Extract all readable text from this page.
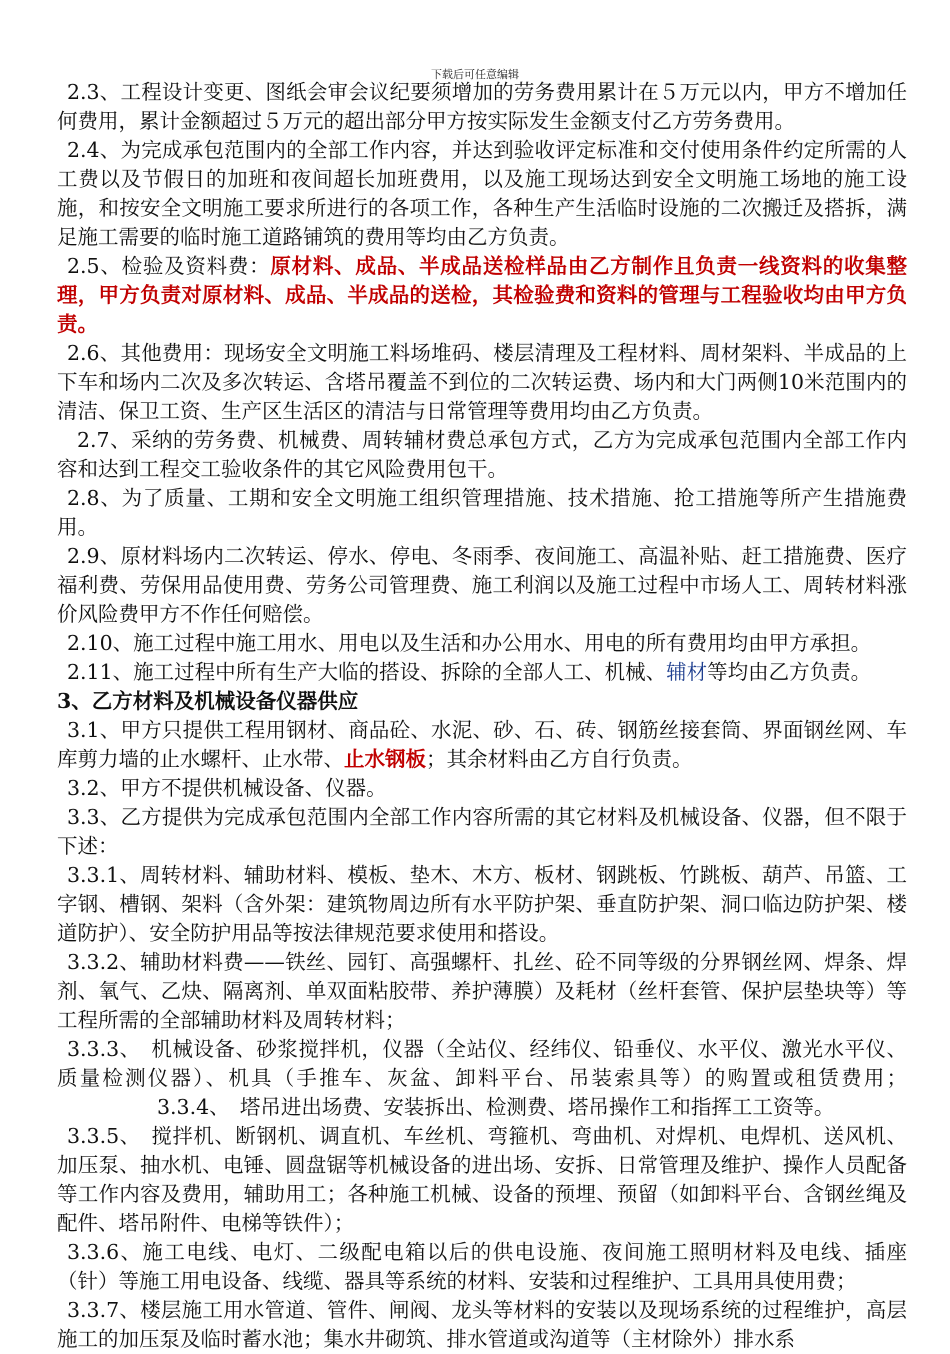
下载后可任意编辑

2.3、工程设计变更、图纸会审会议纪要须增加的劳务费用累计在５万元以内，甲方不增加任何费用，累计金额超过５万元的超出部分甲方按实际发生金额支付乙方劳务费用。

2.4、为完成承包范围内的全部工作内容，并达到验收评定标准和交付使用条件约定所需的人工费以及节假日的加班和夜间超长加班费用，以及施工现场达到安全文明施工场地的施工设施，和按安全文明施工要求所进行的各项工作，各种生产生活临时设施的二次搬迁及搭拆，满足施工需要的临时施工道路铺筑的费用等均由乙方负责。

2.5、检验及资料费：原材料、成品、半成品送检样品由乙方制作且负责一线资料的收集整理，甲方负责对原材料、成品、半成品的送检，其检验费和资料的管理与工程验收均由甲方负责。

2.6、其他费用：现场安全文明施工料场堆码、楼层清理及工程材料、周材架料、半成品的上下车和场内二次及多次转运、含塔吊覆盖不到位的二次转运费、场内和大门两侧10米范围内的清洁、保卫工资、生产区生活区的清洁与日常管理等费用均由乙方负责。

2.7、采纳的劳务费、机械费、周转辅材费总承包方式，乙方为完成承包范围内全部工作内容和达到工程交工验收条件的其它风险费用包干。

2.8、为了质量、工期和安全文明施工组织管理措施、技术措施、抢工措施等所产生措施费用。

2.9、原材料场内二次转运、停水、停电、冬雨季、夜间施工、高温补贴、赶工措施费、医疗福利费、劳保用品使用费、劳务公司管理费、施工利润以及施工过程中市场人工、周转材料涨价风险费甲方不作任何赔偿。

2.10、施工过程中施工用水、用电以及生活和办公用水、用电的所有费用均由甲方承担。

2.11、施工过程中所有生产大临的搭设、拆除的全部人工、机械、辅材等均由乙方负责。

3、乙方材料及机械设备仪器供应

3.1、甲方只提供工程用钢材、商品砼、水泥、砂、石、砖、钢筋丝接套筒、界面钢丝网、车库剪力墙的止水螺杆、止水带、止水钢板；其余材料由乙方自行负责。

3.2、甲方不提供机械设备、仪器。

3.3、乙方提供为完成承包范围内全部工作内容所需的其它材料及机械设备、仪器，但不限于下述：

3.3.1、周转材料、辅助材料、模板、垫木、木方、板材、钢跳板、竹跳板、葫芦、吊篮、工字钢、槽钢、架料（含外架：建筑物周边所有水平防护架、垂直防护架、洞口临边防护架、楼道防护）、安全防护用品等按法律规范要求使用和搭设。

3.3.2、辅助材料费——铁丝、园钉、高强螺杆、扎丝、砼不同等级的分界钢丝网、焊条、焊剂、氧气、乙炔、隔离剂、单双面粘胶带、养护薄膜）及耗材（丝杆套管、保护层垫块等）等工程所需的全部辅助材料及周转材料；

3.3.3、　机械设备、砂浆搅拌机，仪器（全站仪、经纬仪、铅垂仪、水平仪、激光水平仪、质量检测仪器）、机具（手推车、灰盆、卸料平台、吊装索具等）的购置或租赁费用；3.3.4、　塔吊进出场费、安装拆出、检测费、塔吊操作工和指挥工工资等。

3.3.5、　搅拌机、断钢机、调直机、车丝机、弯箍机、弯曲机、对焊机、电焊机、送风机、加压泵、抽水机、电锤、圆盘锯等机械设备的进出场、安拆、日常管理及维护、操作人员配备等工作内容及费用，辅助用工；各种施工机械、设备的预埋、预留（如卸料平台、含钢丝绳及配件、塔吊附件、电梯等铁件）；

3.3.6、施工电线、电灯、二级配电箱以后的供电设施、夜间施工照明材料及电线、插座（针）等施工用电设备、线缆、器具等系统的材料、安装和过程维护、工具用具使用费；

3.3.7、楼层施工用水管道、管件、闸阀、龙头等材料的安装以及现场系统的过程维护，高层施工的加压泵及临时蓄水池；集水井砌筑、排水管道或沟道等（主材除外）排水系
